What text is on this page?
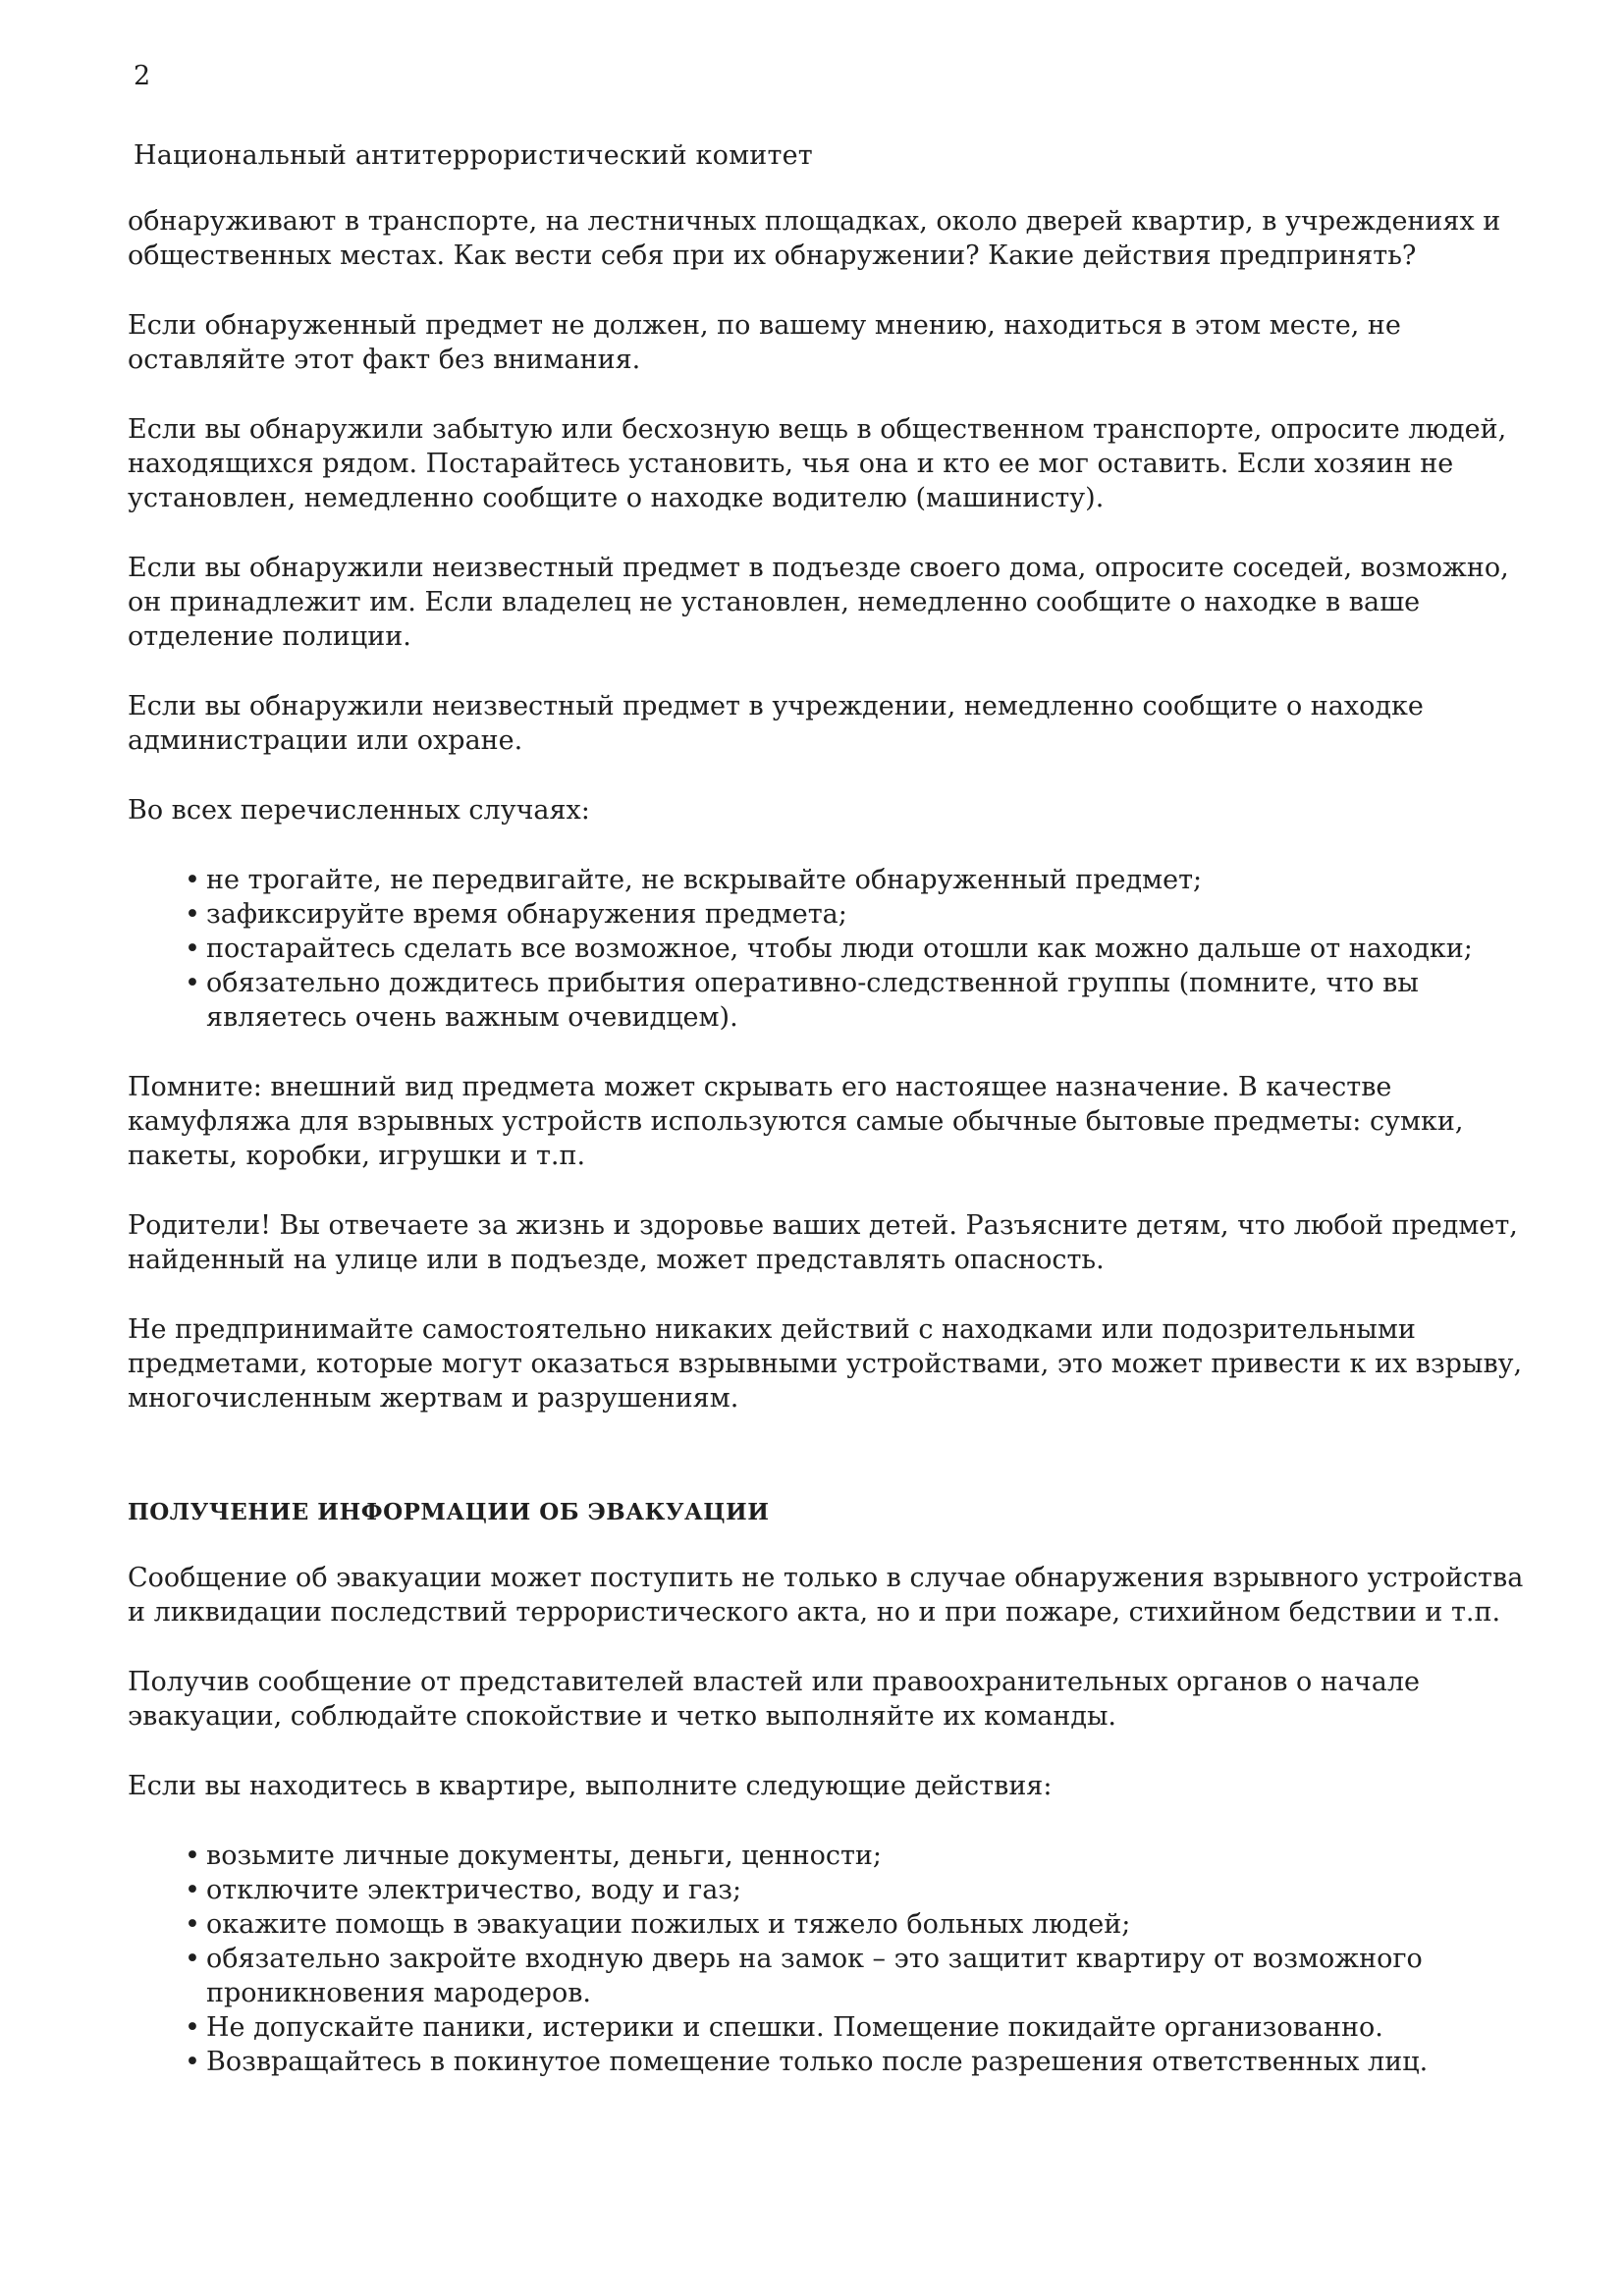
2
Национальный антитеррористический комитет

обнаруживают в транспорте, на лестничных площадках, около дверей квартир, в учреждениях и общественных местах. Как вести себя при их обнаружении? Какие действия предпринять?

Если обнаруженный предмет не должен, по вашему мнению, находиться в этом месте, не оставляйте этот факт без внимания.

Если вы обнаружили забытую или бесхозную вещь в общественном транспорте, опросите людей, находящихся рядом. Постарайтесь установить, чья она и кто ее мог оставить. Если хозяин не установлен, немедленно сообщите о находке водителю (машинисту).

Если вы обнаружили неизвестный предмет в подъезде своего дома, опросите соседей, возможно, он принадлежит им. Если владелец не установлен, немедленно сообщите о находке в ваше отделение полиции.

Если вы обнаружили неизвестный предмет в учреждении, немедленно сообщите о находке администрации или охране.

Во всех перечисленных случаях:

• не трогайте, не передвигайте, не вскрывайте обнаруженный предмет;
• зафиксируйте время обнаружения предмета;
• постарайтесь сделать все возможное, чтобы люди отошли как можно дальше от находки;
• обязательно дождитесь прибытия оперативно-следственной группы (помните, что вы являетесь очень важным очевидцем).

Помните: внешний вид предмета может скрывать его настоящее назначение. В качестве камуфляжа для взрывных устройств используются самые обычные бытовые предметы: сумки, пакеты, коробки, игрушки и т.п.

Родители! Вы отвечаете за жизнь и здоровье ваших детей. Разъясните детям, что любой предмет, найденный на улице или в подъезде, может представлять опасность.

Не предпринимайте самостоятельно никаких действий с находками или подозрительными предметами, которые могут оказаться взрывными устройствами, это может привести к их взрыву, многочисленным жертвам и разрушениям.

ПОЛУЧЕНИЕ ИНФОРМАЦИИ ОБ ЭВАКУАЦИИ

Сообщение об эвакуации может поступить не только в случае обнаружения взрывного устройства и ликвидации последствий террористического акта, но и при пожаре, стихийном бедствии и т.п.

Получив сообщение от представителей властей или правоохранительных органов о начале эвакуации, соблюдайте спокойствие и четко выполняйте их команды.

Если вы находитесь в квартире, выполните следующие действия:

• возьмите личные документы, деньги, ценности;
• отключите электричество, воду и газ;
• окажите помощь в эвакуации пожилых и тяжело больных людей;
• обязательно закройте входную дверь на замок – это защитит квартиру от возможного проникновения мародеров.
• Не допускайте паники, истерики и спешки. Помещение покидайте организованно.
• Возвращайтесь в покинутое помещение только после разрешения ответственных лиц.
